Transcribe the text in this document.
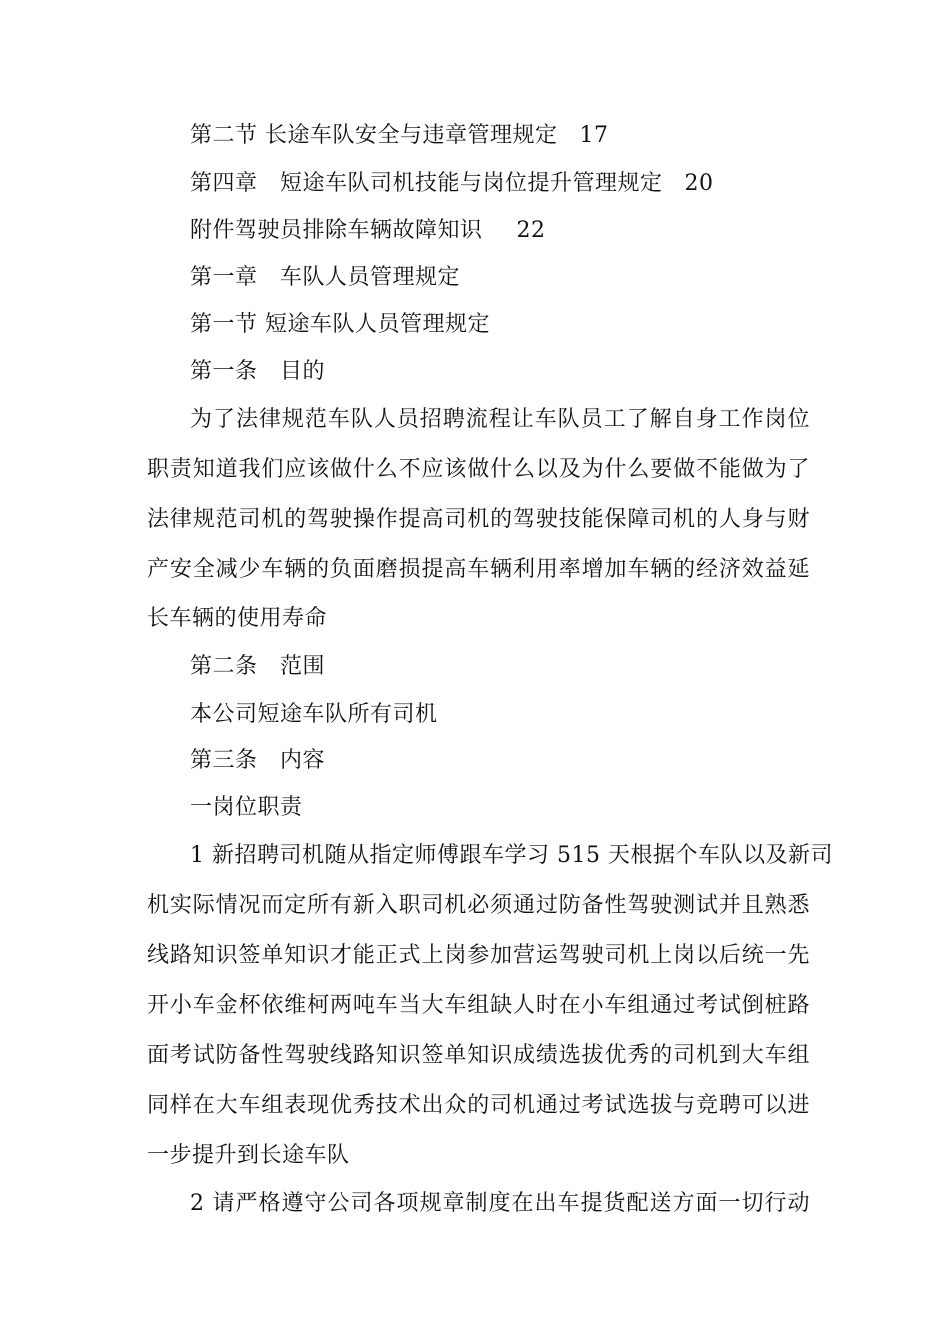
第二节 长途车队安全与违章管理规定 17
第四章　短途车队司机技能与岗位提升管理规定 20
附件驾驶员排除车辆故障知识 22
第一章　车队人员管理规定
第一节 短途车队人员管理规定
第一条　目的
为了法律规范车队人员招聘流程让车队员工了解自身工作岗位
职责知道我们应该做什么不应该做什么以及为什么要做不能做为了
法律规范司机的驾驶操作提高司机的驾驶技能保障司机的人身与财
产安全减少车辆的负面磨损提高车辆利用率增加车辆的经济效益延
长车辆的使用寿命
第二条　范围
本公司短途车队所有司机
第三条　内容
一岗位职责
1 新招聘司机随从指定师傅跟车学习 515 天根据个车队以及新司
机实际情况而定所有新入职司机必须通过防备性驾驶测试并且熟悉
线路知识签单知识才能正式上岗参加营运驾驶司机上岗以后统一先
开小车金杯依维柯两吨车当大车组缺人时在小车组通过考试倒桩路
面考试防备性驾驶线路知识签单知识成绩选拔优秀的司机到大车组
同样在大车组表现优秀技术出众的司机通过考试选拔与竞聘可以进
一步提升到长途车队
2 请严格遵守公司各项规章制度在出车提货配送方面一切行动
